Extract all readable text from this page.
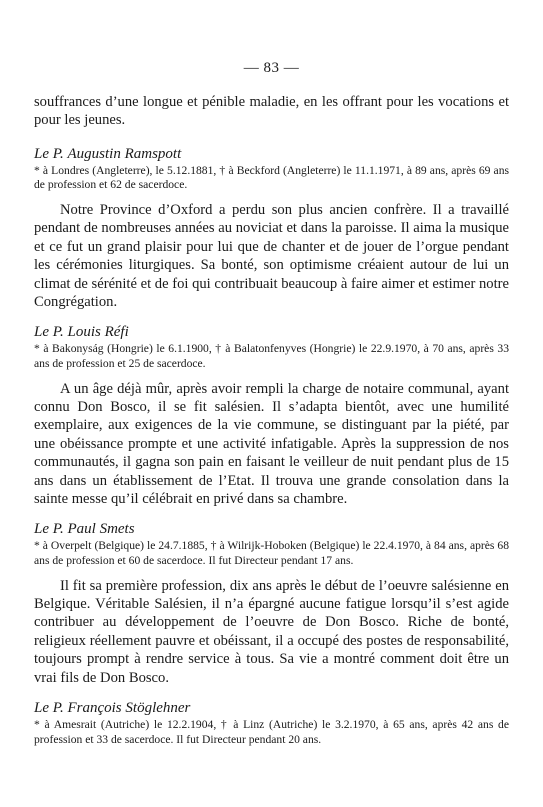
— 83 —

souffrances d’une longue et pénible maladie, en les offrant pour les vocations et pour les jeunes.

Le P. Augustin Ramspott

* à Londres (Angleterre), le 5.12.1881, † à Beckford (Angleterre) le 11.1.1971, à 89 ans, après 69 ans de profession et 62 de sacerdoce.

Notre Province d’Oxford a perdu son plus ancien confrère. Il a travaillé pendant de nombreuses années au noviciat et dans la paroisse. Il aima la musique et ce fut un grand plaisir pour lui que de chanter et de jouer de l’orgue pendant les cérémonies liturgiques. Sa bonté, son optimisme créaient autour de lui un climat de sérénité et de foi qui contribuait beaucoup à faire aimer et estimer notre Congrégation.

Le P. Louis Réfi

* à Bakonyság (Hongrie) le 6.1.1900, † à Balatonfenyves (Hongrie) le 22.9.1970, à 70 ans, après 33 ans de profession et 25 de sacerdoce.

A un âge déjà mûr, après avoir rempli la charge de notaire communal, ayant connu Don Bosco, il se fit salésien. Il s’adapta bientôt, avec une humilité exemplaire, aux exigences de la vie commune, se distinguant par la piété, par une obéissance prompte et une activité infatigable. Après la suppression de nos communautés, il gagna son pain en faisant le veilleur de nuit pendant plus de 15 ans dans un établissement de l’Etat. Il trouva une grande consolation dans la sainte messe qu’il célébrait en privé dans sa chambre.

Le P. Paul Smets

* à Overpelt (Belgique) le 24.7.1885, † à Wilrijk-Hoboken (Belgique) le 22.4.1970, à 84 ans, après 68 ans de profession et 60 de sacerdoce. Il fut Directeur pendant 17 ans.

Il fit sa première profession, dix ans après le début de l’oeuvre salésienne en Belgique. Véritable Salésien, il n’a épargné aucune fatigue lorsqu’il s’est agide contribuer au développement de l’oeuvre de Don Bosco. Riche de bonté, religieux réellement pauvre et obéissant, il a occupé des postes de responsabilité, toujours prompt à rendre service à tous. Sa vie a montré comment doit être un vrai fils de Don Bosco.

Le P. François Stöglehner

* à Amesrait (Autriche) le 12.2.1904, † à Linz (Autriche) le 3.2.1970, à 65 ans, après 42 ans de profession et 33 de sacerdoce. Il fut Directeur pendant 20 ans.
